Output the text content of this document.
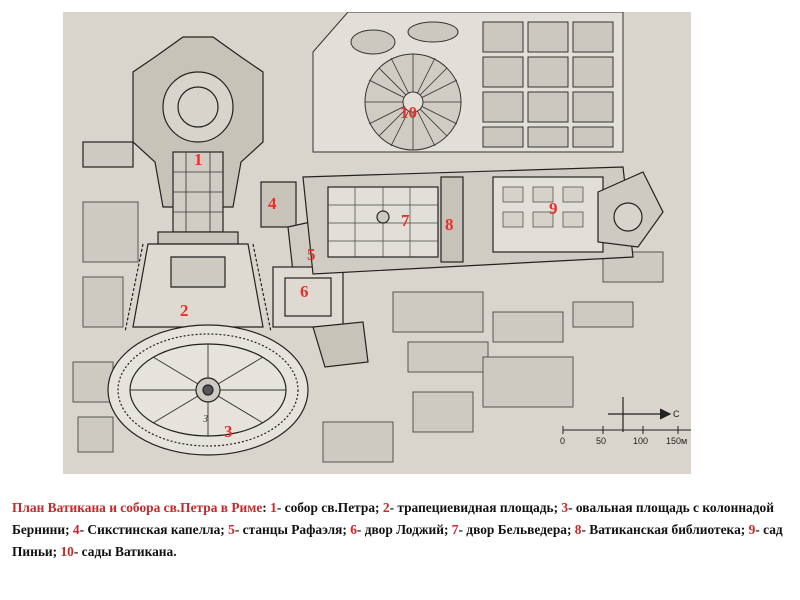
З	С
0	50	100 150м
1
2
3
4
5
6
7 8
9
10
План Ватикана и собора св.Петра в Риме: 1- собор св.Петра; 2- трапециевидная площадь; 3- овальная площадь с колоннадой Бернини; 4- Сикстинская капелла; 5- станцы Рафаэля; 6- двор Лоджий; 7- двор Бельведера; 8- Ватиканская библиотека; 9- сад Пиньи; 10- сады Ватикана.
